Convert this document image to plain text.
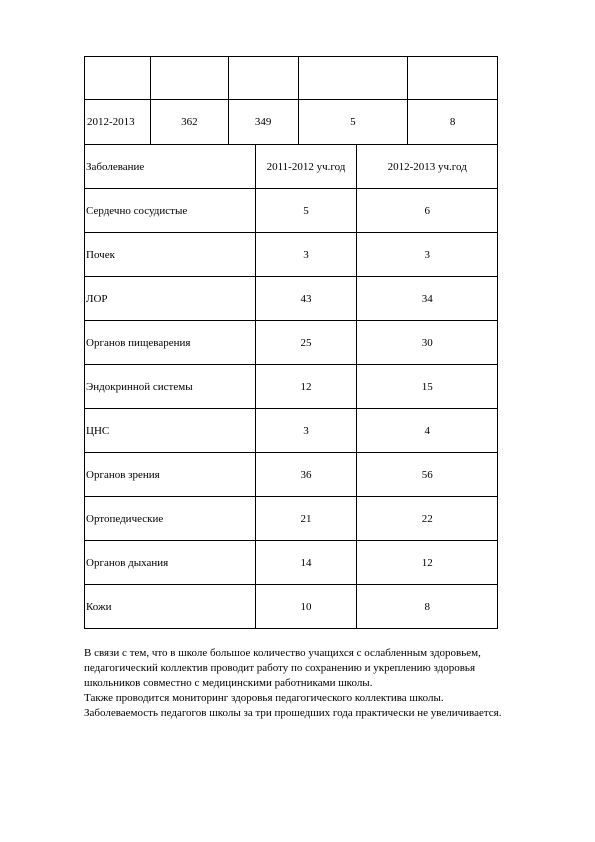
2012-2013	362	349	5	8
Заболевание	2011-2012 уч.год	2012-2013 уч.год
Сердечно сосудистые	5	6
Почек	3	3
ЛОР	43	34
Органов пищеварения	25	30
Эндокринной системы	12	15
ЦНС	3	4
Органов зрения	36	56
Ортопедические	21	22
Органов дыхания	14	12
Кожи	10	8

В связи с тем, что в школе большое количество учащихся с ослабленным здоровьем,

педагогический коллектив проводит работу по сохранению и укреплению здоровья

школьников совместно с медицинскими работниками школы.

Также проводится мониторинг здоровья педагогического коллектива школы.

Заболеваемость педагогов школы за три прошедших года практически не увеличивается.
